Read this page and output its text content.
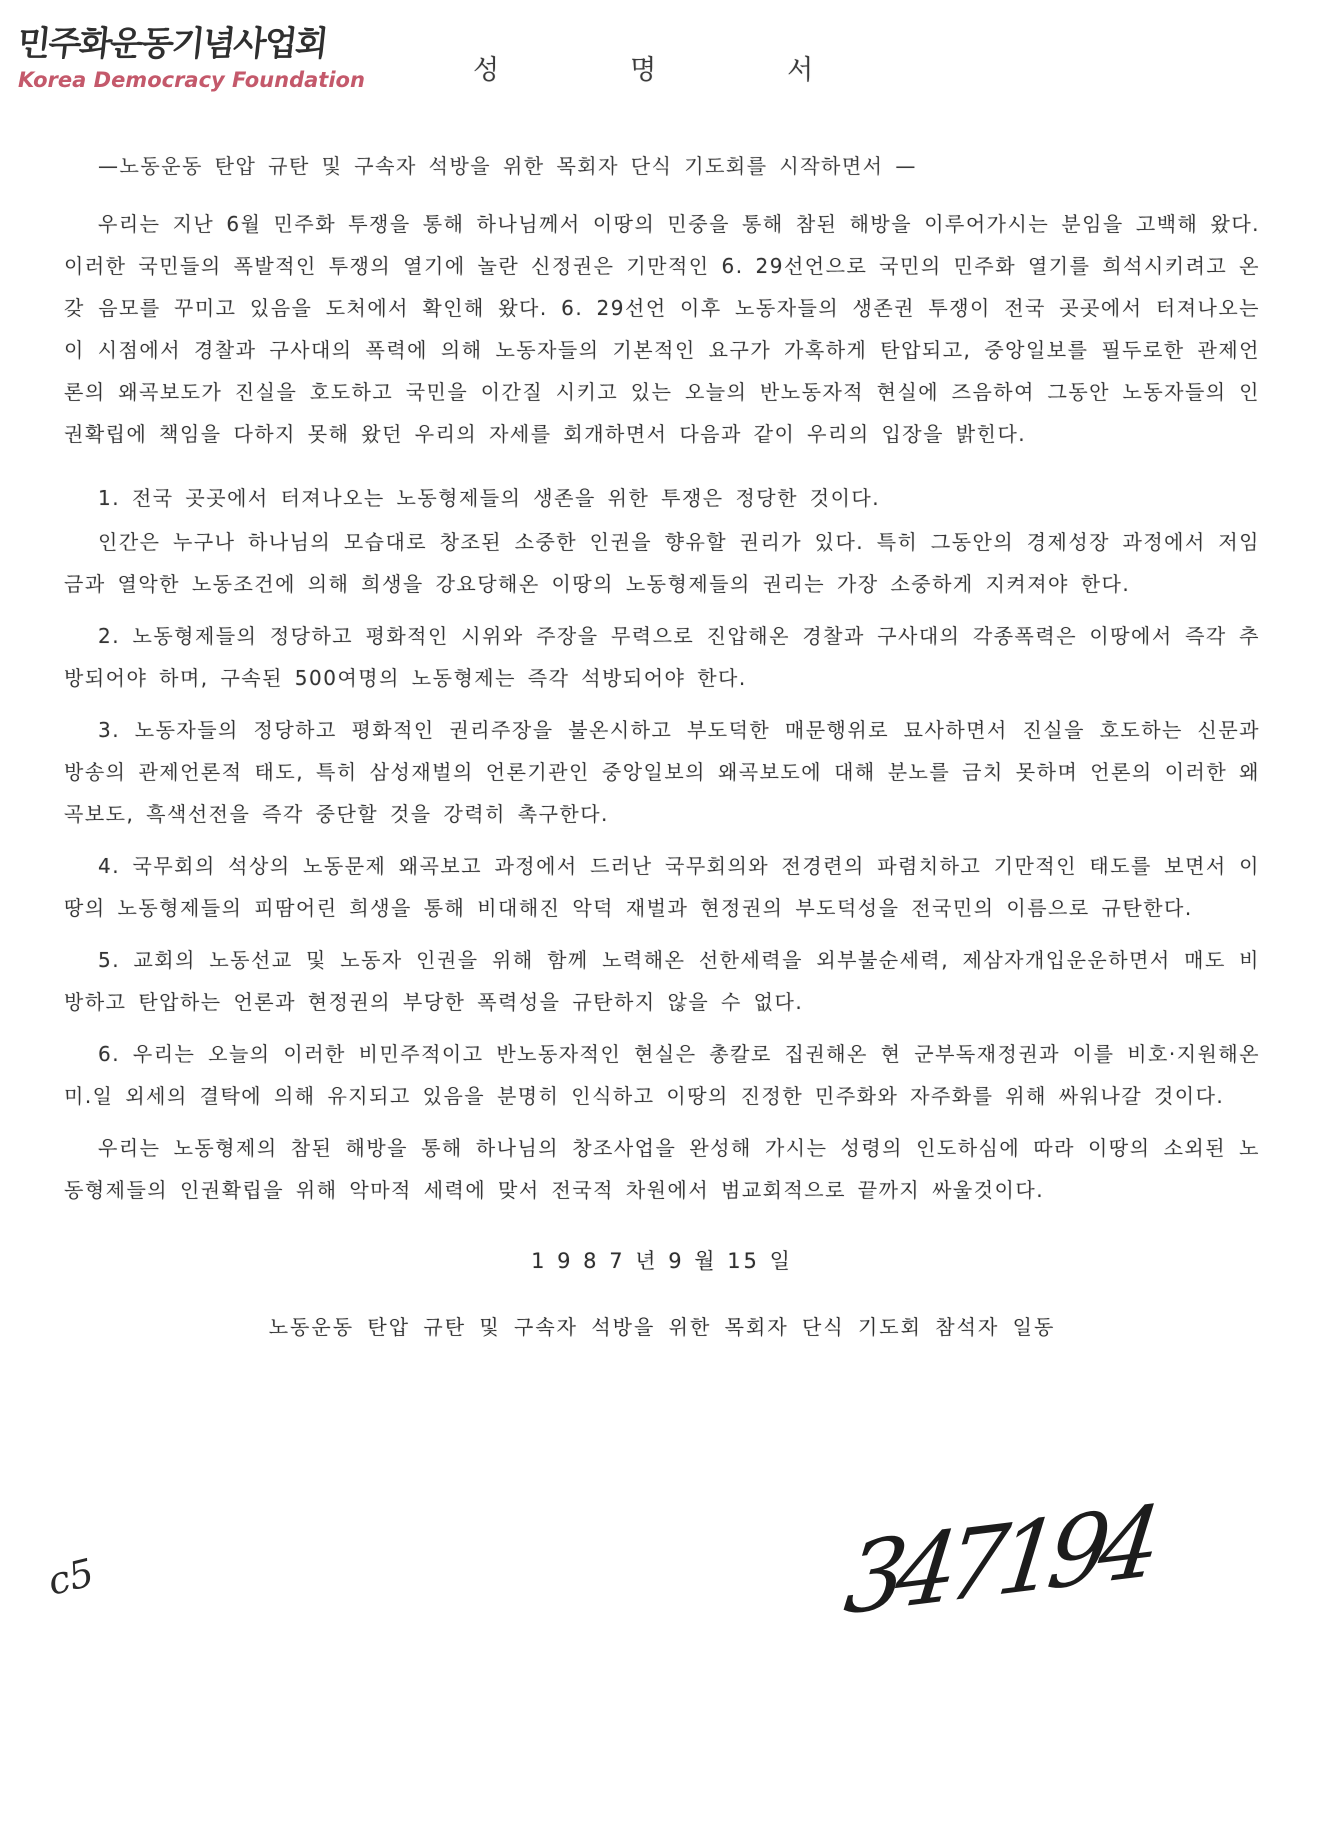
민주화운동기념사업회
Korea Democracy Foundation	성명서
—노동운동 탄압 규탄 및 구속자 석방을 위한 목회자 단식 기도회를 시작하면서 —

우리는 지난 6월 민주화 투쟁을 통해 하나님께서 이땅의 민중을 통해 참된 해방을 이루어가시는 분임을 고백해 왔다. 이러한 국민들의 폭발적인 투쟁의 열기에 놀란 신정권은 기만적인 6. 29선언으로 국민의 민주화 열기를 희석시키려고 온갖 음모를 꾸미고 있음을 도처에서 확인해 왔다. 6. 29선언 이후 노동자들의 생존권 투쟁이 전국 곳곳에서 터져나오는 이 시점에서 경찰과 구사대의 폭력에 의해 노동자들의 기본적인 요구가 가혹하게 탄압되고, 중앙일보를 필두로한 관제언론의 왜곡보도가 진실을 호도하고 국민을 이간질 시키고 있는 오늘의 반노동자적 현실에 즈음하여 그동안 노동자들의 인권확립에 책임을 다하지 못해 왔던 우리의 자세를 회개하면서 다음과 같이 우리의 입장을 밝힌다.

1. 전국 곳곳에서 터져나오는 노동형제들의 생존을 위한 투쟁은 정당한 것이다.

인간은 누구나 하나님의 모습대로 창조된 소중한 인권을 향유할 권리가 있다. 특히 그동안의 경제성장 과정에서 저임금과 열악한 노동조건에 의해 희생을 강요당해온 이땅의 노동형제들의 권리는 가장 소중하게 지켜져야 한다.

2. 노동형제들의 정당하고 평화적인 시위와 주장을 무력으로 진압해온 경찰과 구사대의 각종폭력은 이땅에서 즉각 추방되어야 하며, 구속된 500여명의 노동형제는 즉각 석방되어야 한다.

3. 노동자들의 정당하고 평화적인 권리주장을 불온시하고 부도덕한 매문행위로 묘사하면서 진실을 호도하는 신문과 방송의 관제언론적 태도, 특히 삼성재벌의 언론기관인 중앙일보의 왜곡보도에 대해 분노를 금치 못하며 언론의 이러한 왜곡보도, 흑색선전을 즉각 중단할 것을 강력히 촉구한다.

4. 국무회의 석상의 노동문제 왜곡보고 과정에서 드러난 국무회의와 전경련의 파렴치하고 기만적인 태도를 보면서 이땅의 노동형제들의 피땀어린 희생을 통해 비대해진 악덕 재벌과 현정권의 부도덕성을 전국민의 이름으로 규탄한다.

5. 교회의 노동선교 및 노동자 인권을 위해 함께 노력해온 선한세력을 외부불순세력, 제삼자개입운운하면서 매도 비방하고 탄압하는 언론과 현정권의 부당한 폭력성을 규탄하지 않을 수 없다.

6. 우리는 오늘의 이러한 비민주적이고 반노동자적인 현실은 총칼로 집권해온 현 군부독재정권과 이를 비호·지원해온 미.일 외세의 결탁에 의해 유지되고 있음을 분명히 인식하고 이땅의 진정한 민주화와 자주화를 위해 싸워나갈 것이다.

우리는 노동형제의 참된 해방을 통해 하나님의 창조사업을 완성해 가시는 성령의 인도하심에 따라 이땅의 소외된 노동형제들의 인권확립을 위해 악마적 세력에 맞서 전국적 차원에서 범교회적으로 끝까지 싸울것이다.

1 9 8 7 년 9 월 15 일
노동운동 탄압 규탄 및 구속자 석방을 위한 목회자 단식 기도회 참석자 일동
c5	347194
